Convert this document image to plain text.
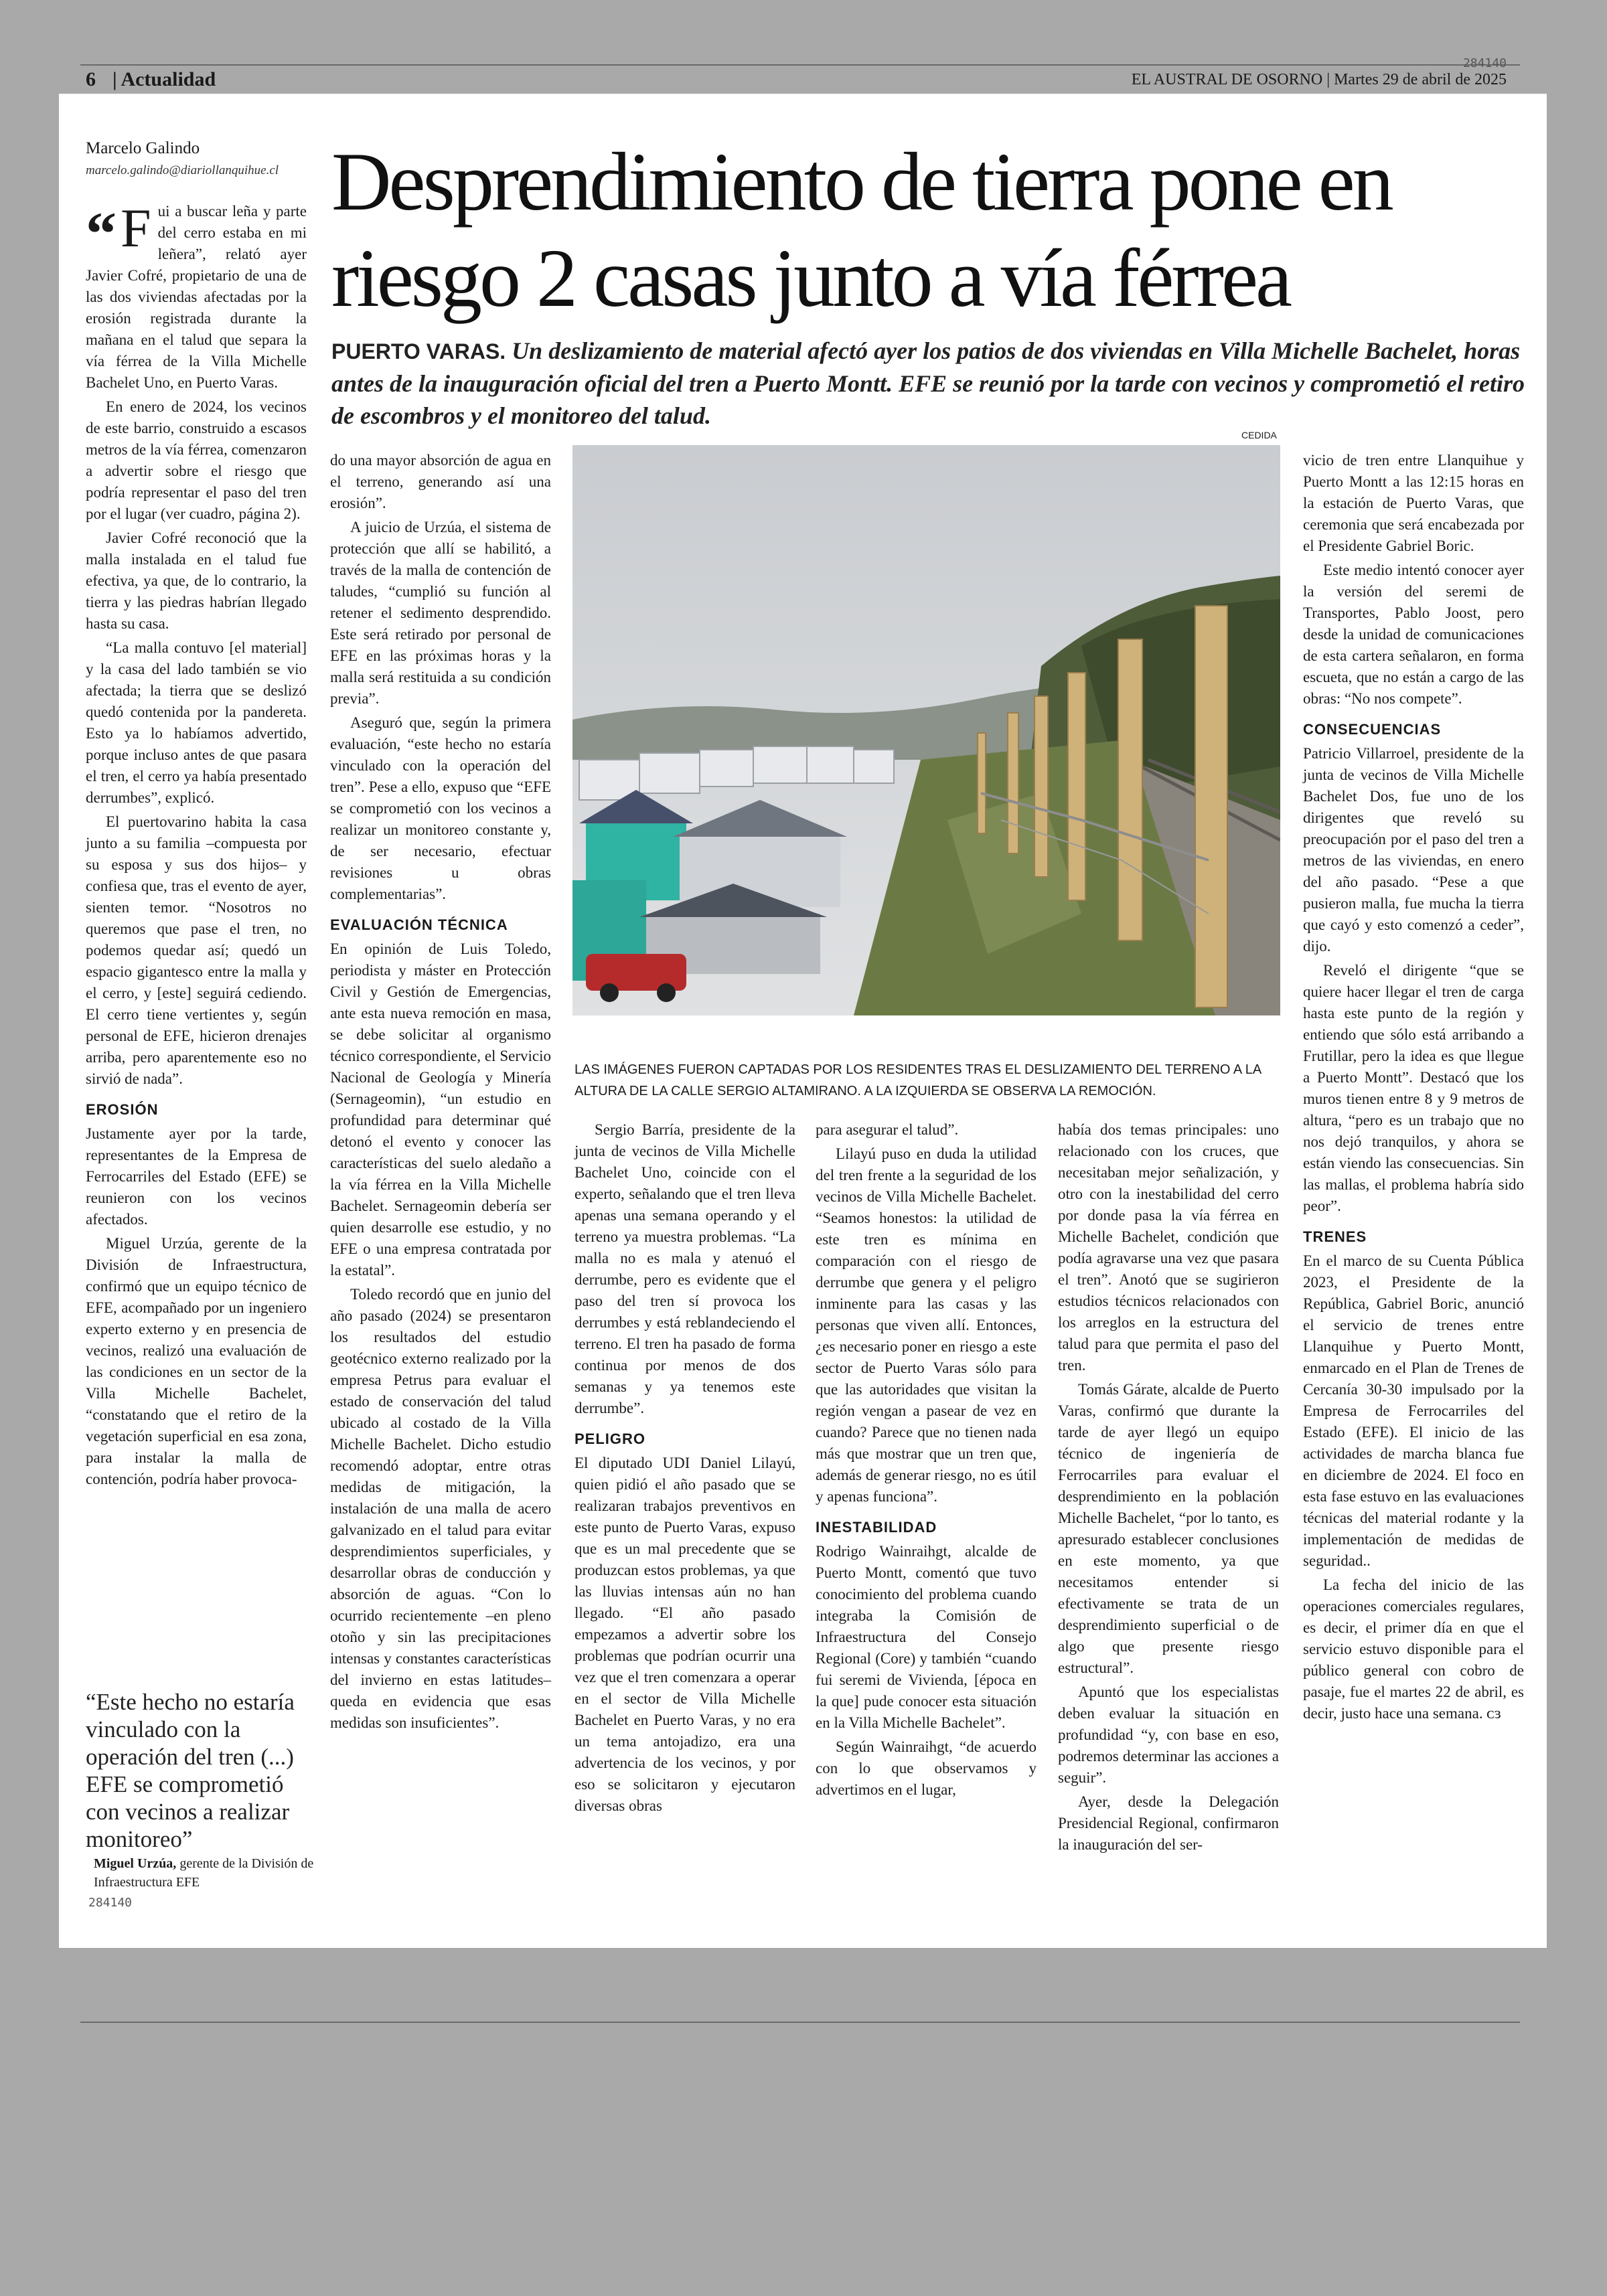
6 | Actualidad
284140
EL AUSTRAL DE OSORNO | Martes 29 de abril de 2025
Marcelo Galindo
marcelo.galindo@diariollanquihue.cl Desprendimiento de tierra pone en riesgo 2 casas junto a vía férrea
PUERTO VARAS. Un deslizamiento de material afectó ayer los patios de dos viviendas en Villa Michelle Bachelet, horas antes de la inauguración oficial del tren a Puerto Montt. EFE se reunió por la tarde con vecinos y comprometió el retiro de escombros y el monitoreo del talud.
CEDIDA
LAS IMÁGENES FUERON CAPTADAS POR LOS RESIDENTES TRAS EL DESLIZAMIENTO DEL TERRENO A LA ALTURA DE LA CALLE SERGIO ALTAMIRANO. A LA IZQUIERDA SE OBSERVA LA REMOCIÓN.

“ F ui a buscar leña y parte del cerro estaba en mi leñera”, relató ayer Javier Cofré, propietario de una de las dos viviendas afectadas por la erosión registrada durante la mañana en el talud que separa la vía férrea de la Villa Michelle Bachelet Uno, en Puerto Varas.

En enero de 2024, los vecinos de este barrio, construido a escasos metros de la vía férrea, comenzaron a advertir sobre el riesgo que podría representar el paso del tren por el lugar (ver cuadro, página 2).

Javier Cofré reconoció que la malla instalada en el talud fue efectiva, ya que, de lo contrario, la tierra y las piedras habrían llegado hasta su casa.

“La malla contuvo [el material] y la casa del lado también se vio afectada; la tierra que se deslizó quedó contenida por la pandereta. Esto ya lo habíamos advertido, porque incluso antes de que pasara el tren, el cerro ya había presentado derrumbes”, explicó.

El puertovarino habita la casa junto a su familia –compuesta por su esposa y sus dos hijos– y confiesa que, tras el evento de ayer, sienten temor. “Nosotros no queremos que pase el tren, no podemos quedar así; quedó un espacio gigantesco entre la malla y el cerro, y [este] seguirá cediendo. El cerro tiene vertientes y, según personal de EFE, hicieron drenajes arriba, pero aparentemente eso no sirvió de nada”.

EROSIÓN

Justamente ayer por la tarde, representantes de la Empresa de Ferrocarriles del Estado (EFE) se reunieron con los vecinos afectados.

Miguel Urzúa, gerente de la División de Infraestructura, confirmó que un equipo técnico de EFE, acompañado por un ingeniero experto externo y en presencia de vecinos, realizó una evaluación de las condiciones en un sector de la Villa Michelle Bachelet, “constatando que el retiro de la vegetación superficial en esa zona, para instalar la malla de contención, podría haber provoca-

“Este hecho no estaría vinculado con la operación del tren (...) EFE se comprometió con vecinos a realizar monitoreo”
Miguel Urzúa, gerente de la División de Infraestructura EFE
284140

do una mayor absorción de agua en el terreno, generando así una erosión”.

A juicio de Urzúa, el sistema de protección que allí se habilitó, a través de la malla de contención de taludes, “cumplió su función al retener el sedimento desprendido. Este será retirado por personal de EFE en las próximas horas y la malla será restituida a su condición previa”.

Aseguró que, según la primera evaluación, “este hecho no estaría vinculado con la operación del tren”. Pese a ello, expuso que “EFE se comprometió con los vecinos a realizar un monitoreo constante y, de ser necesario, efectuar revisiones u obras complementarias”.

EVALUACIÓN TÉCNICA

En opinión de Luis Toledo, periodista y máster en Protección Civil y Gestión de Emergencias, ante esta nueva remoción en masa, se debe solicitar al organismo técnico correspondiente, el Servicio Nacional de Geología y Minería (Sernageomin), “un estudio en profundidad para determinar qué detonó el evento y conocer las características del suelo aledaño a la vía férrea en la Villa Michelle Bachelet. Sernageomin debería ser quien desarrolle ese estudio, y no EFE o una empresa contratada por la estatal”.

Toledo recordó que en junio del año pasado (2024) se presentaron los resultados del estudio geotécnico externo realizado por la empresa Petrus para evaluar el estado de conservación del talud ubicado al costado de la Villa Michelle Bachelet. Dicho estudio recomendó adoptar, entre otras medidas de mitigación, la instalación de una malla de acero galvanizado en el talud para evitar desprendimientos superficiales, y desarrollar obras de conducción y absorción de aguas. “Con lo ocurrido recientemente –en pleno otoño y sin las precipitaciones intensas y constantes características del invierno en estas latitudes– queda en evidencia que esas medidas son insuficientes”.

Sergio Barría, presidente de la junta de vecinos de Villa Michelle Bachelet Uno, coincide con el experto, señalando que el tren lleva apenas una semana operando y el terreno ya muestra problemas. “La malla no es mala y atenuó el derrumbe, pero es evidente que el paso del tren sí provoca los derrumbes y está reblandeciendo el terreno. El tren ha pasado de forma continua por menos de dos semanas y ya tenemos este derrumbe”.

PELIGRO

El diputado UDI Daniel Lilayú, quien pidió el año pasado que se realizaran trabajos preventivos en este punto de Puerto Varas, expuso que es un mal precedente que se produzcan estos problemas, ya que las lluvias intensas aún no han llegado. “El año pasado empezamos a advertir sobre los problemas que podrían ocurrir una vez que el tren comenzara a operar en el sector de Villa Michelle Bachelet en Puerto Varas, y no era un tema antojadizo, era una advertencia de los vecinos, y por eso se solicitaron y ejecutaron diversas obras

para asegurar el talud”.

Lilayú puso en duda la utilidad del tren frente a la seguridad de los vecinos de Villa Michelle Bachelet. “Seamos honestos: la utilidad de este tren es mínima en comparación con el riesgo de derrumbe que genera y el peligro inminente para las casas y las personas que viven allí. Entonces, ¿es necesario poner en riesgo a este sector de Puerto Varas sólo para que las autoridades que visitan la región vengan a pasear de vez en cuando? Parece que no tienen nada más que mostrar que un tren que, además de generar riesgo, no es útil y apenas funciona”.

INESTABILIDAD

Rodrigo Wainraihgt, alcalde de Puerto Montt, comentó que tuvo conocimiento del problema cuando integraba la Comisión de Infraestructura del Consejo Regional (Core) y también “cuando fui seremi de Vivienda, [época en la que] pude conocer esta situación en la Villa Michelle Bachelet”.

Según Wainraihgt, “de acuerdo con lo que observamos y advertimos en el lugar,

había dos temas principales: uno relacionado con los cruces, que necesitaban mejor señalización, y otro con la inestabilidad del cerro por donde pasa la vía férrea en Michelle Bachelet, condición que podía agravarse una vez que pasara el tren”. Anotó que se sugirieron estudios técnicos relacionados con los arreglos en la estructura del talud para que permita el paso del tren.

Tomás Gárate, alcalde de Puerto Varas, confirmó que durante la tarde de ayer llegó un equipo técnico de ingeniería de Ferrocarriles para evaluar el desprendimiento en la población Michelle Bachelet, “por lo tanto, es apresurado establecer conclusiones en este momento, ya que necesitamos entender si efectivamente se trata de un desprendimiento superficial o de algo que presente riesgo estructural”.

Apuntó que los especialistas deben evaluar la situación en profundidad “y, con base en eso, podremos determinar las acciones a seguir”.

Ayer, desde la Delegación Presidencial Regional, confirmaron la inauguración del ser-

vicio de tren entre Llanquihue y Puerto Montt a las 12:15 horas en la estación de Puerto Varas, que ceremonia que será encabezada por el Presidente Gabriel Boric.

Este medio intentó conocer ayer la versión del seremi de Transportes, Pablo Joost, pero desde la unidad de comunicaciones de esta cartera señalaron, en forma escueta, que no están a cargo de las obras: “No nos compete”.

CONSECUENCIAS

Patricio Villarroel, presidente de la junta de vecinos de Villa Michelle Bachelet Dos, fue uno de los dirigentes que reveló su preocupación por el paso del tren a metros de las viviendas, en enero del año pasado. “Pese a que pusieron malla, fue mucha la tierra que cayó y esto comenzó a ceder”, dijo.

Reveló el dirigente “que se quiere hacer llegar el tren de carga hasta este punto de la región y entiendo que sólo está arribando a Frutillar, pero la idea es que llegue a Puerto Montt”. Destacó que los muros tienen entre 8 y 9 metros de altura, “pero es un trabajo que no nos dejó tranquilos, y ahora se están viendo las consecuencias. Sin las mallas, el problema habría sido peor”.

TRENES

En el marco de su Cuenta Pública 2023, el Presidente de la República, Gabriel Boric, anunció el servicio de trenes entre Llanquihue y Puerto Montt, enmarcado en el Plan de Trenes de Cercanía 30-30 impulsado por la Empresa de Ferrocarriles del Estado (EFE). El inicio de las actividades de marcha blanca fue en diciembre de 2024. El foco en esta fase estuvo en las evaluaciones técnicas del material rodante y la implementación de medidas de seguridad..

La fecha del inicio de las operaciones comerciales regulares, es decir, el primer día en que el servicio estuvo disponible para el público general con cobro de pasaje, fue el martes 22 de abril, es decir, justo hace una semana. ᴄɜ
